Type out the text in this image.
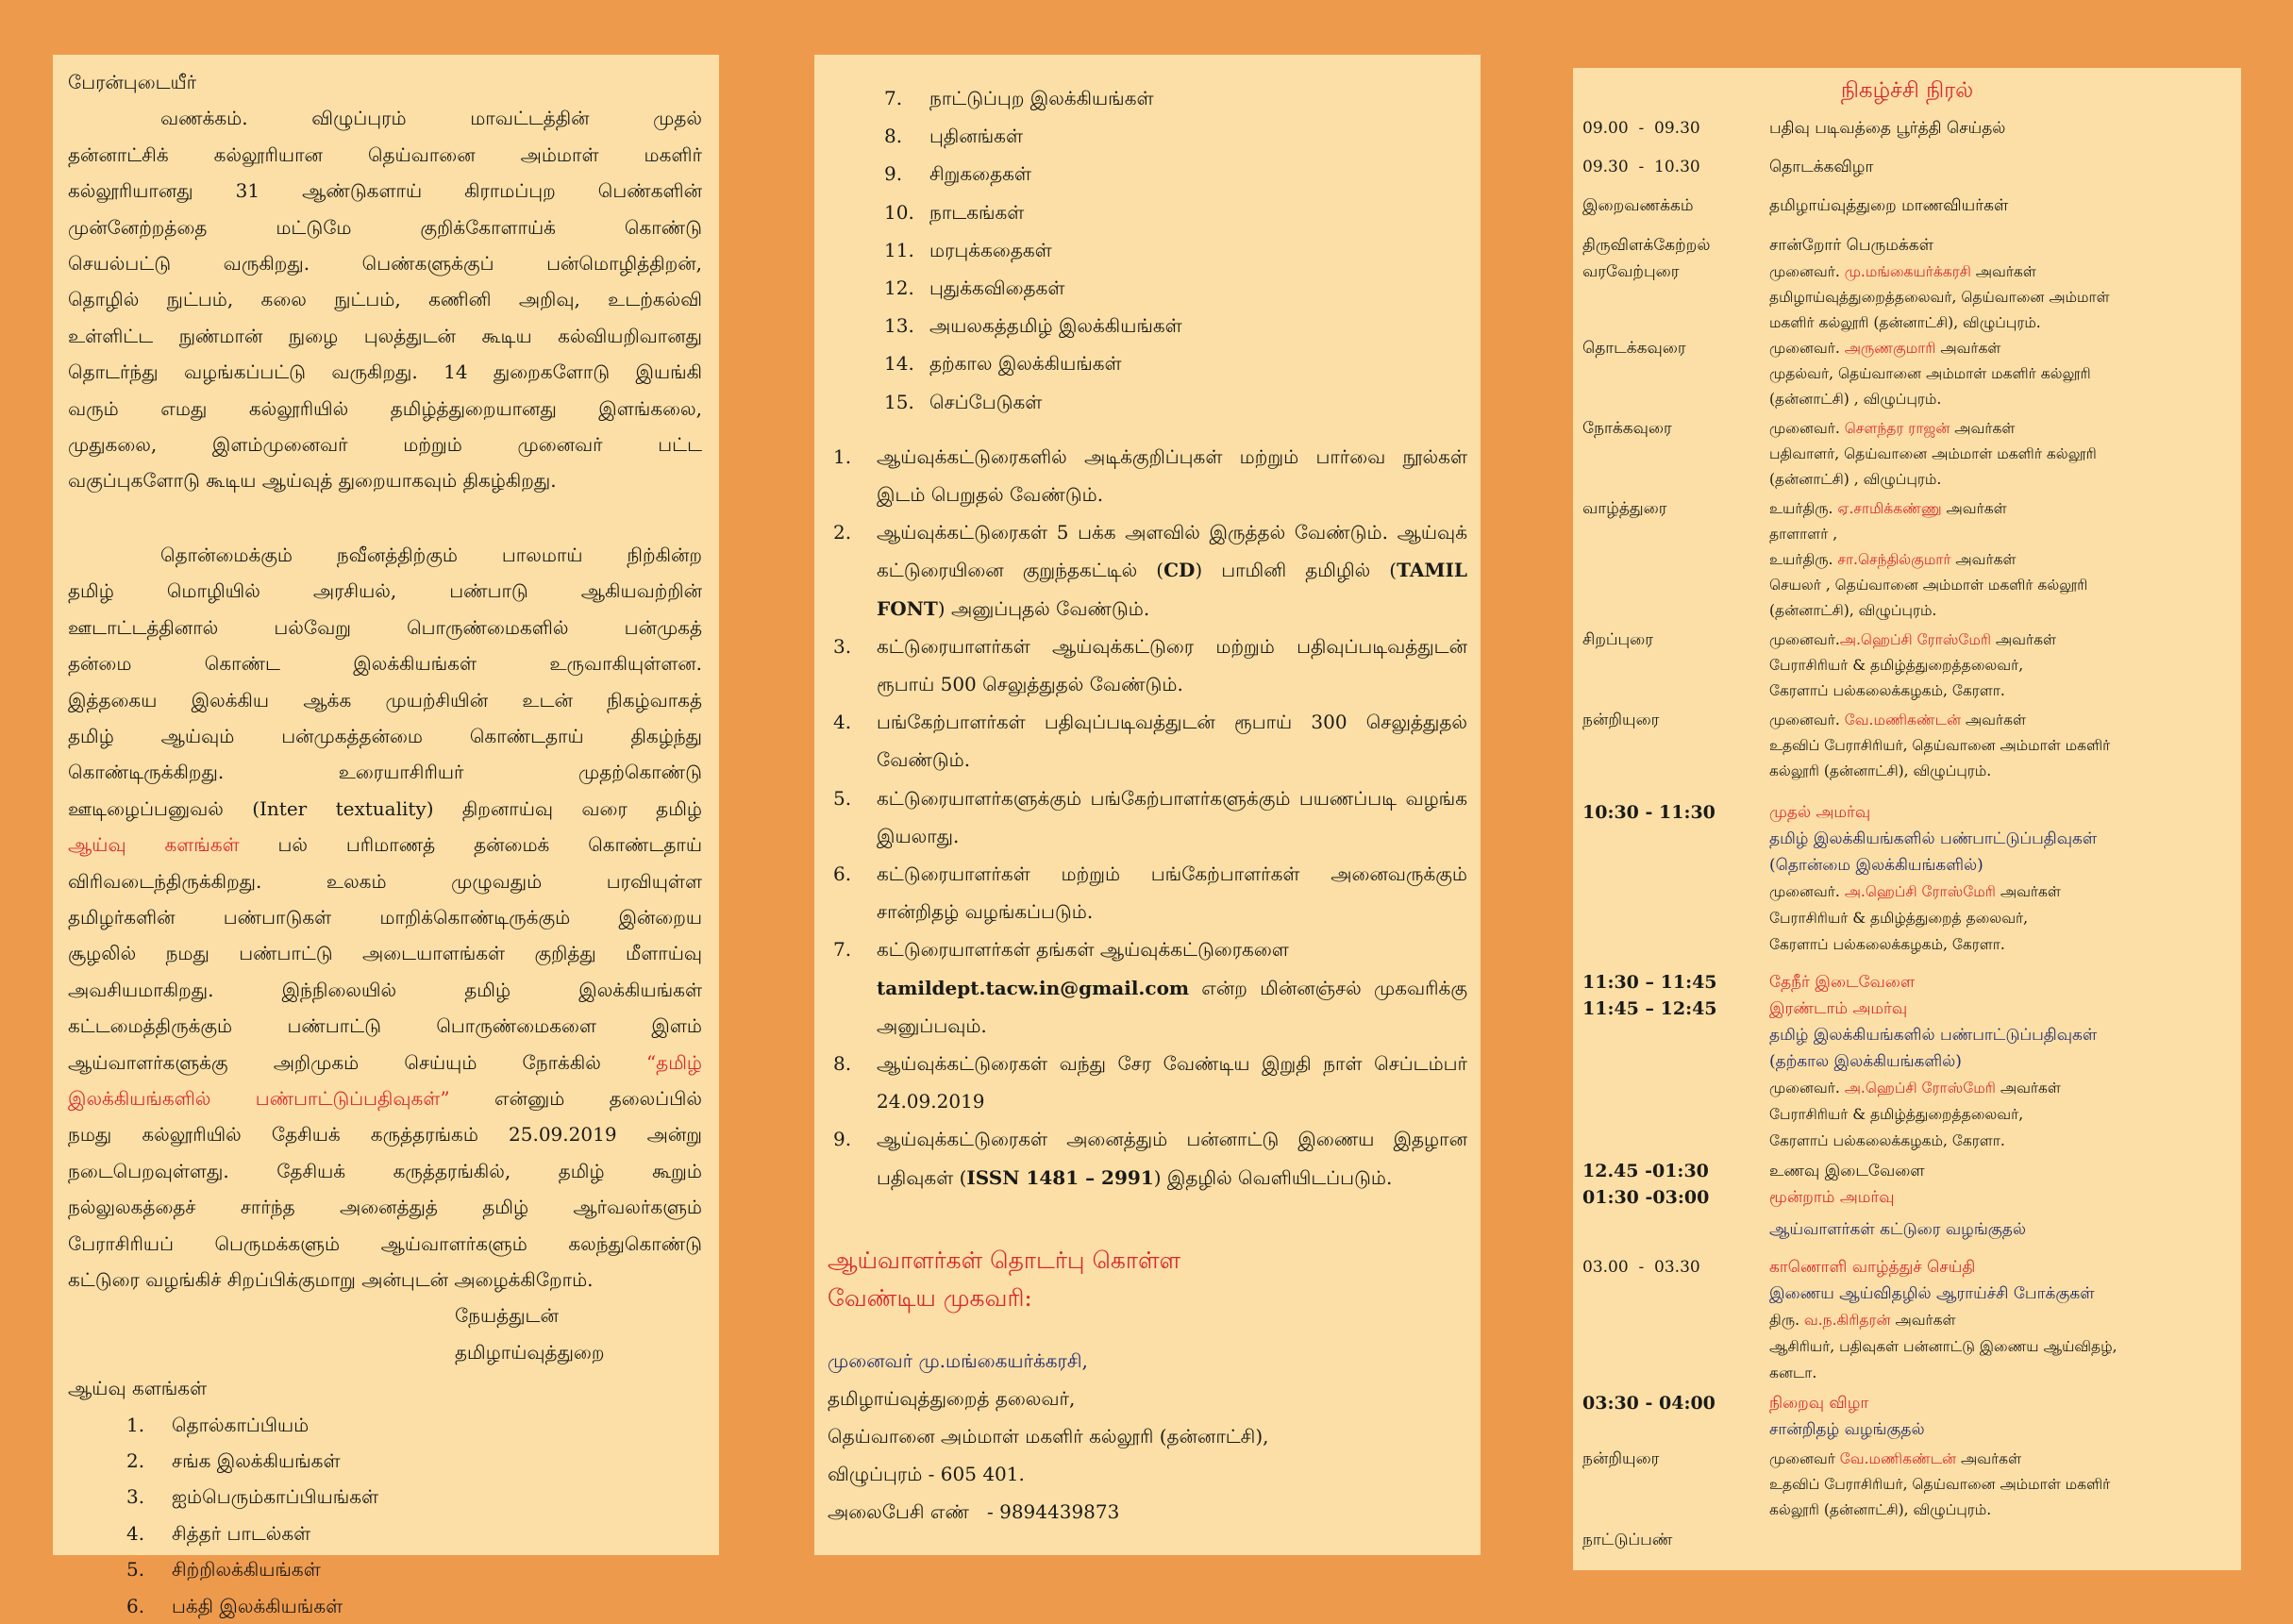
பேரன்புடையீர்

வணக்கம். விழுப்புரம் மாவட்டத்தின் முதல்

தன்னாட்சிக் கல்லூரியான தெய்வானை அம்மாள் மகளிர்

கல்லூரியானது 31 ஆண்டுகளாய் கிராமப்புற பெண்களின்

முன்னேற்றத்தை மட்டுமே குறிக்கோளாய்க் கொண்டு

செயல்பட்டு வருகிறது. பெண்களுக்குப் பன்மொழித்திறன்,

தொழில் நுட்பம், கலை நுட்பம், கணினி அறிவு, உடற்கல்வி

உள்ளிட்ட நுண்மான் நுழை புலத்துடன் கூடிய கல்வியறிவானது

தொடர்ந்து வழங்கப்பட்டு வருகிறது. 14 துறைகளோடு இயங்கி

வரும் எமது கல்லூரியில் தமிழ்த்துறையானது இளங்கலை,

முதுகலை, இளம்முனைவர் மற்றும் முனைவர் பட்ட

வகுப்புகளோடு கூடிய ஆய்வுத் துறையாகவும் திகழ்கிறது.

தொன்மைக்கும் நவீனத்திற்கும் பாலமாய் நிற்கின்ற

தமிழ் மொழியில் அரசியல், பண்பாடு ஆகியவற்றின்

ஊடாட்டத்தினால் பல்வேறு பொருண்மைகளில் பன்முகத்

தன்மை கொண்ட இலக்கியங்கள் உருவாகியுள்ளன.

இத்தகைய இலக்கிய ஆக்க முயற்சியின் உடன் நிகழ்வாகத்

தமிழ் ஆய்வும் பன்முகத்தன்மை கொண்டதாய் திகழ்ந்து

கொண்டிருக்கிறது. உரையாசிரியர் முதற்கொண்டு

ஊடிழைப்பனுவல் (Inter textuality) திறனாய்வு வரை தமிழ்

ஆய்வு களங்கள் பல் பரிமாணத் தன்மைக் கொண்டதாய்

விரிவடைந்திருக்கிறது. உலகம் முழுவதும் பரவியுள்ள

தமிழர்களின் பண்பாடுகள் மாறிக்கொண்டிருக்கும் இன்றைய

சூழலில் நமது பண்பாட்டு அடையாளங்கள் குறித்து மீளாய்வு

அவசியமாகிறது. இந்நிலையில் தமிழ் இலக்கியங்கள்

கட்டமைத்திருக்கும் பண்பாட்டு பொருண்மைகளை இளம்

ஆய்வாளர்களுக்கு அறிமுகம் செய்யும் நோக்கில் “தமிழ்

இலக்கியங்களில் பண்பாட்டுப்பதிவுகள்” என்னும் தலைப்பில்

நமது கல்லூரியில் தேசியக் கருத்தரங்கம் 25.09.2019 அன்று

நடைபெறவுள்ளது. தேசியக் கருத்தரங்கில், தமிழ் கூறும்

நல்லுலகத்தைச் சார்ந்த அனைத்துத் தமிழ் ஆர்வலர்களும்

பேராசிரியப் பெருமக்களும் ஆய்வாளர்களும் கலந்துகொண்டு

கட்டுரை வழங்கிச் சிறப்பிக்குமாறு அன்புடன் அழைக்கிறோம்.

நேயத்துடன்

தமிழாய்வுத்துறை

ஆய்வு களங்கள்

1.	தொல்காப்பியம்
2.	சங்க இலக்கியங்கள்
3.	ஐம்பெரும்காப்பியங்கள்
4.	சித்தர் பாடல்கள்
5.	சிற்றிலக்கியங்கள்
6.	பக்தி இலக்கியங்கள்
7.	நாட்டுப்புற இலக்கியங்கள்
8.	புதினங்கள்
9.	சிறுகதைகள்
10. நாடகங்கள்
11. மரபுக்கதைகள்
12. புதுக்கவிதைகள்
13. அயலகத்தமிழ் இலக்கியங்கள்
14. தற்கால இலக்கியங்கள்
15. செப்பேடுகள்
1.	ஆய்வுக்கட்டுரைகளில் அடிக்குறிப்புகள் மற்றும் பார்வை நூல்கள் இடம் பெறுதல் வேண்டும்.
2.	ஆய்வுக்கட்டுரைகள் 5 பக்க அளவில் இருத்தல் வேண்டும். ஆய்வுக் கட்டுரையினை குறுந்தகட்டில் (CD) பாமினி தமிழில் (TAMIL FONT) அனுப்புதல் வேண்டும்.
3.	கட்டுரையாளர்கள் ஆய்வுக்கட்டுரை மற்றும் பதிவுப்படிவத்துடன் ரூபாய் 500 செலுத்துதல் வேண்டும்.
4.	பங்கேற்பாளர்கள் பதிவுப்படிவத்துடன் ரூபாய் 300 செலுத்துதல் வேண்டும்.
5.	கட்டுரையாளர்களுக்கும் பங்கேற்பாளர்களுக்கும் பயணப்படி வழங்க இயலாது.
6.	கட்டுரையாளர்கள் மற்றும் பங்கேற்பாளர்கள் அனைவருக்கும் சான்றிதழ் வழங்கப்படும்.
7.	கட்டுரையாளர்கள் தங்கள் ஆய்வுக்கட்டுரைகளை
tamildept.tacw.in@gmail.com என்ற மின்னஞ்சல் முகவரிக்கு அனுப்பவும்.
8.	ஆய்வுக்கட்டுரைகள் வந்து சேர வேண்டிய இறுதி நாள் செப்டம்பர் 24.09.2019
9.	ஆய்வுக்கட்டுரைகள் அனைத்தும் பன்னாட்டு இணைய இதழான பதிவுகள் (ISSN 1481 – 2991) இதழில் வெளியிடப்படும்.

ஆய்வாளர்கள் தொடர்பு கொள்ள

வேண்டிய முகவரி:

முனைவர் மு.மங்கையர்க்கரசி,

தமிழாய்வுத்துறைத் தலைவர்,

தெய்வானை அம்மாள் மகளிர் கல்லூரி (தன்னாட்சி),

விழுப்புரம் - 605 401.

அலைபேசி எண்   - 9894439873

நிகழ்ச்சி நிரல்

09.00  -  09.30	பதிவு படிவத்தை பூர்த்தி செய்தல்
09.30  -  10.30	தொடக்கவிழா
இறைவணக்கம்	தமிழாய்வுத்துறை மாணவியர்கள்
திருவிளக்கேற்றல்	சான்றோர் பெருமக்கள்
வரவேற்புரை	முனைவர். மு.மங்கையர்க்கரசி அவர்கள்
தமிழாய்வுத்துறைத்தலைவர், தெய்வானை அம்மாள்
மகளிர் கல்லூரி (தன்னாட்சி), விழுப்புரம்.
தொடக்கவுரை	முனைவர். அருணகுமாரி அவர்கள்
முதல்வர், தெய்வானை அம்மாள் மகளிர் கல்லூரி
(தன்னாட்சி) , விழுப்புரம்.
நோக்கவுரை	முனைவர். சௌந்தர ராஜன் அவர்கள்
பதிவாளர், தெய்வானை அம்மாள் மகளிர் கல்லூரி
(தன்னாட்சி) , விழுப்புரம்.
வாழ்த்துரை	உயர்திரு. ஏ.சாமிக்கண்ணு அவர்கள்
தாளாளர் ,
உயர்திரு. சா.செந்தில்குமார் அவர்கள்
செயலர் , தெய்வானை அம்மாள் மகளிர் கல்லூரி
(தன்னாட்சி), விழுப்புரம்.
சிறப்புரை	முனைவர்.அ.ஹெப்சி ரோஸ்மேரி அவர்கள்
பேராசிரியர் & தமிழ்த்துறைத்தலைவர்,
கேரளாப் பல்கலைக்கழகம், கேரளா.
நன்றியுரை	முனைவர். வே.மணிகண்டன் அவர்கள்
உதவிப் பேராசிரியர், தெய்வானை அம்மாள் மகளிர்
கல்லூரி (தன்னாட்சி), விழுப்புரம்.
10:30 - 11:30	முதல் அமர்வு
தமிழ் இலக்கியங்களில் பண்பாட்டுப்பதிவுகள்
(தொன்மை இலக்கியங்களில்)
முனைவர். அ.ஹெப்சி ரோஸ்மேரி அவர்கள்
பேராசிரியர் & தமிழ்த்துறைத் தலைவர்,
கேரளாப் பல்கலைக்கழகம், கேரளா.
11:30 – 11:45	தேநீர் இடைவேளை
11:45 – 12:45	இரண்டாம் அமர்வு
தமிழ் இலக்கியங்களில் பண்பாட்டுப்பதிவுகள்
(தற்கால இலக்கியங்களில்)
முனைவர். அ.ஹெப்சி ரோஸ்மேரி அவர்கள்
பேராசிரியர் & தமிழ்த்துறைத்தலைவர்,
கேரளாப் பல்கலைக்கழகம், கேரளா.
12.45 -01:30	உணவு இடைவேளை
01:30 -03:00	மூன்றாம் அமர்வு
ஆய்வாளர்கள் கட்டுரை வழங்குதல்
03.00  -  03.30	காணொளி வாழ்த்துச் செய்தி
இணைய ஆய்விதழில் ஆராய்ச்சி போக்குகள்
திரு. வ.ந.கிரிதரன் அவர்கள்
ஆசிரியர், பதிவுகள் பன்னாட்டு இணைய ஆய்விதழ்,
கனடா.
03:30 - 04:00	நிறைவு விழா
சான்றிதழ் வழங்குதல்
நன்றியுரை	முனைவர் வே.மணிகண்டன் அவர்கள்
உதவிப் பேராசிரியர், தெய்வானை அம்மாள் மகளிர்
கல்லூரி (தன்னாட்சி), விழுப்புரம்.
நாட்டுப்பண்
